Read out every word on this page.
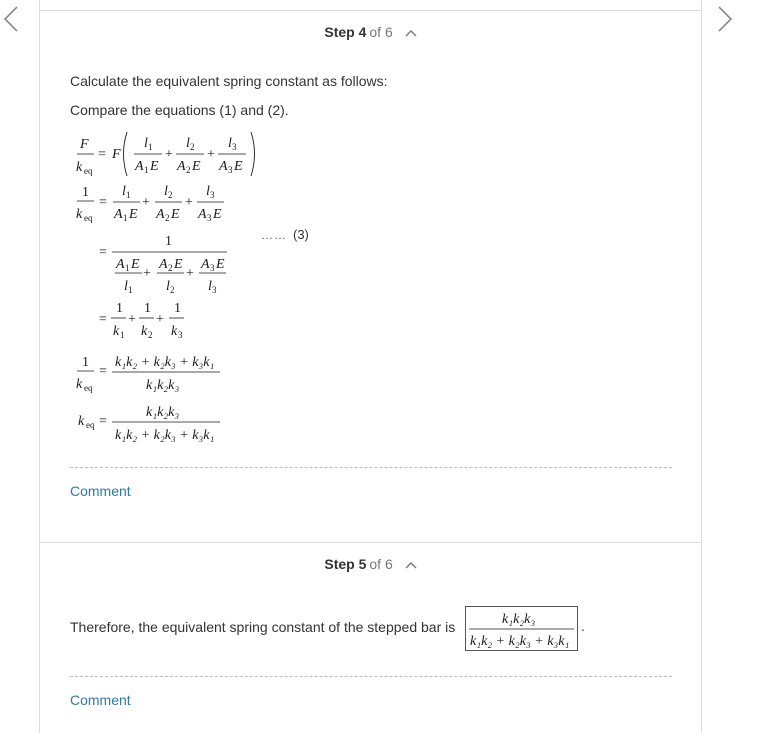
Step 4 of 6
Calculate the equivalent spring constant as follows:
Compare the equations (1) and (2).
F
k eq
= F
l 1
A 1 E
+
l 2
A 2 E
+
l 3
A 3 E
1
k eq
=
l 1
A 1 E
+
l 2
A 2 E
+
l 3
A 3 E
=
1
A 1 E
l 1
+
A 2 E
l 2
+
A 3 E
l 3
…… (3)
=
1
k 1
+
1
k 2
+
1
k 3
1
k eq
=
k₁k₂ + k₂k₃ + k₃k₁
k₁k₂k₃
k eq =
k₁k₂k₃
k₁k₂ + k₂k₃ + k₃k₁
Comment
Step 5 of 6
Therefore, the equivalent spring constant of the stepped bar is
Comment
k₁k₂k₃
k₁k₂ + k₂k₃ + k₃k₁
.
